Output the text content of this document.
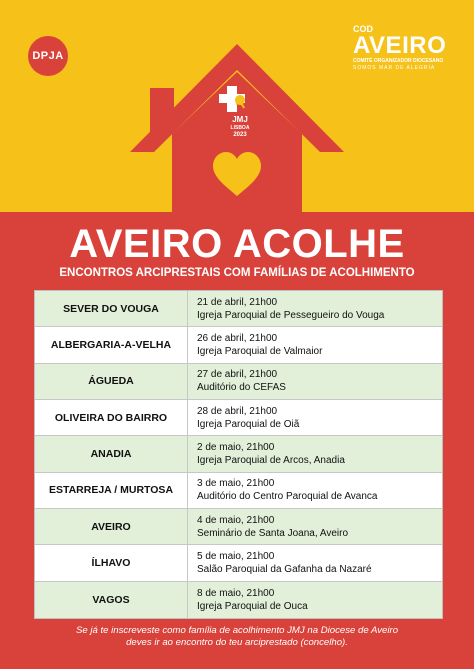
DPJA
COD
AVEIRO
COMITÉ ORGANIZADOR DIOCESANO
SOMOS MAR DE ALEGRIA
JMJ
LISBOA
2023
AVEIRO ACOLHE
ENCONTROS ARCIPRESTAIS COM FAMÍLIAS DE ACOLHIMENTO
SEVER DO VOUGA
21 de abril, 21h00
Igreja Paroquial de Pessegueiro do Vouga
ALBERGARIA-A-VELHA
26 de abril, 21h00
Igreja Paroquial de Valmaior
ÁGUEDA
27 de abril, 21h00
Auditório do CEFAS
OLIVEIRA DO BAIRRO
28 de abril, 21h00
Igreja Paroquial de Oiã
ANADIA
2 de maio, 21h00
Igreja Paroquial de Arcos, Anadia
ESTARREJA / MURTOSA
3 de maio, 21h00
Auditório do Centro Paroquial de Avanca
AVEIRO
4 de maio, 21h00
Seminário de Santa Joana, Aveiro
ÍLHAVO
5 de maio, 21h00
Salão Paroquial da Gafanha da Nazaré
VAGOS
8 de maio, 21h00
Igreja Paroquial de Ouca
Se já te inscreveste como família de acolhimento JMJ na Diocese de Aveiro
deves ir ao encontro do teu arciprestado (concelho).
